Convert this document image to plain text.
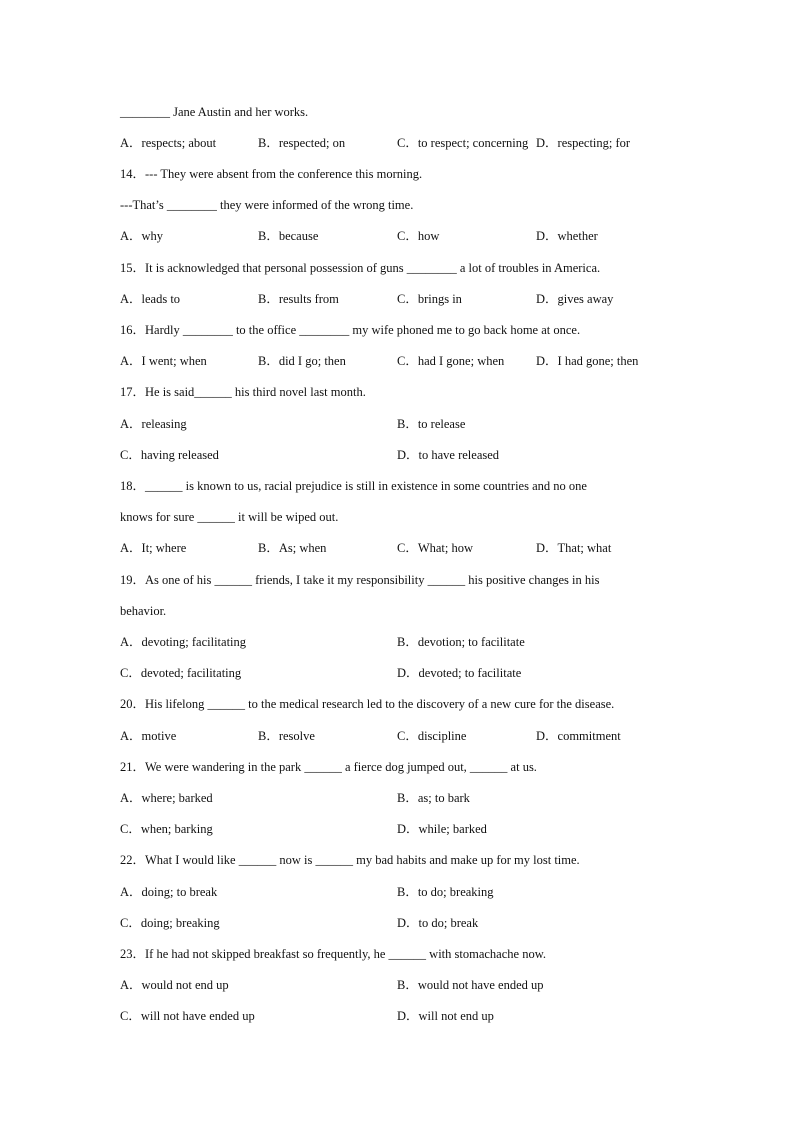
________ Jane Austin and her works.
A．respects; about	B．respected; on	C．to respect; concerning D．respecting; for
14．--- They were absent from the conference this morning.
---That’s ________ they were informed of the wrong time.
A．why	B．because	C．how	D．whether
15．It is acknowledged that personal possession of guns ________ a lot of troubles in America.
A．leads to	B．results from	C．brings in	D．gives away
16．Hardly ________ to the office ________ my wife phoned me to go back home at once.
A．I went; when	B．did I go; then	C．had I gone; when	D．I had gone; then
17．He is said______ his third novel last month.
A．releasing	B．to release
C．having released	D．to have released
18．______ is known to us, racial prejudice is still in existence in some countries and no one
knows for sure ______ it will be wiped out.
A．It; where	B．As; when	C．What; how	D．That; what
19．As one of his ______ friends, I take it my responsibility ______ his positive changes in his
behavior.
A．devoting; facilitating	B．devotion; to facilitate
C．devoted; facilitating	D．devoted; to facilitate
20．His lifelong ______ to the medical research led to the discovery of a new cure for the disease.
A．motive	B．resolve	C．discipline	D．commitment
21．We were wandering in the park ______ a fierce dog jumped out, ______ at us.
A．where; barked	B．as; to bark
C．when; barking	D．while; barked
22．What I would like ______ now is ______ my bad habits and make up for my lost time.
A．doing; to break	B．to do; breaking
C．doing; breaking	D．to do; break
23．If he had not skipped breakfast so frequently, he ______ with stomachache now.
A．would not end up	B．would not have ended up
C．will not have ended up	D．will not end up
